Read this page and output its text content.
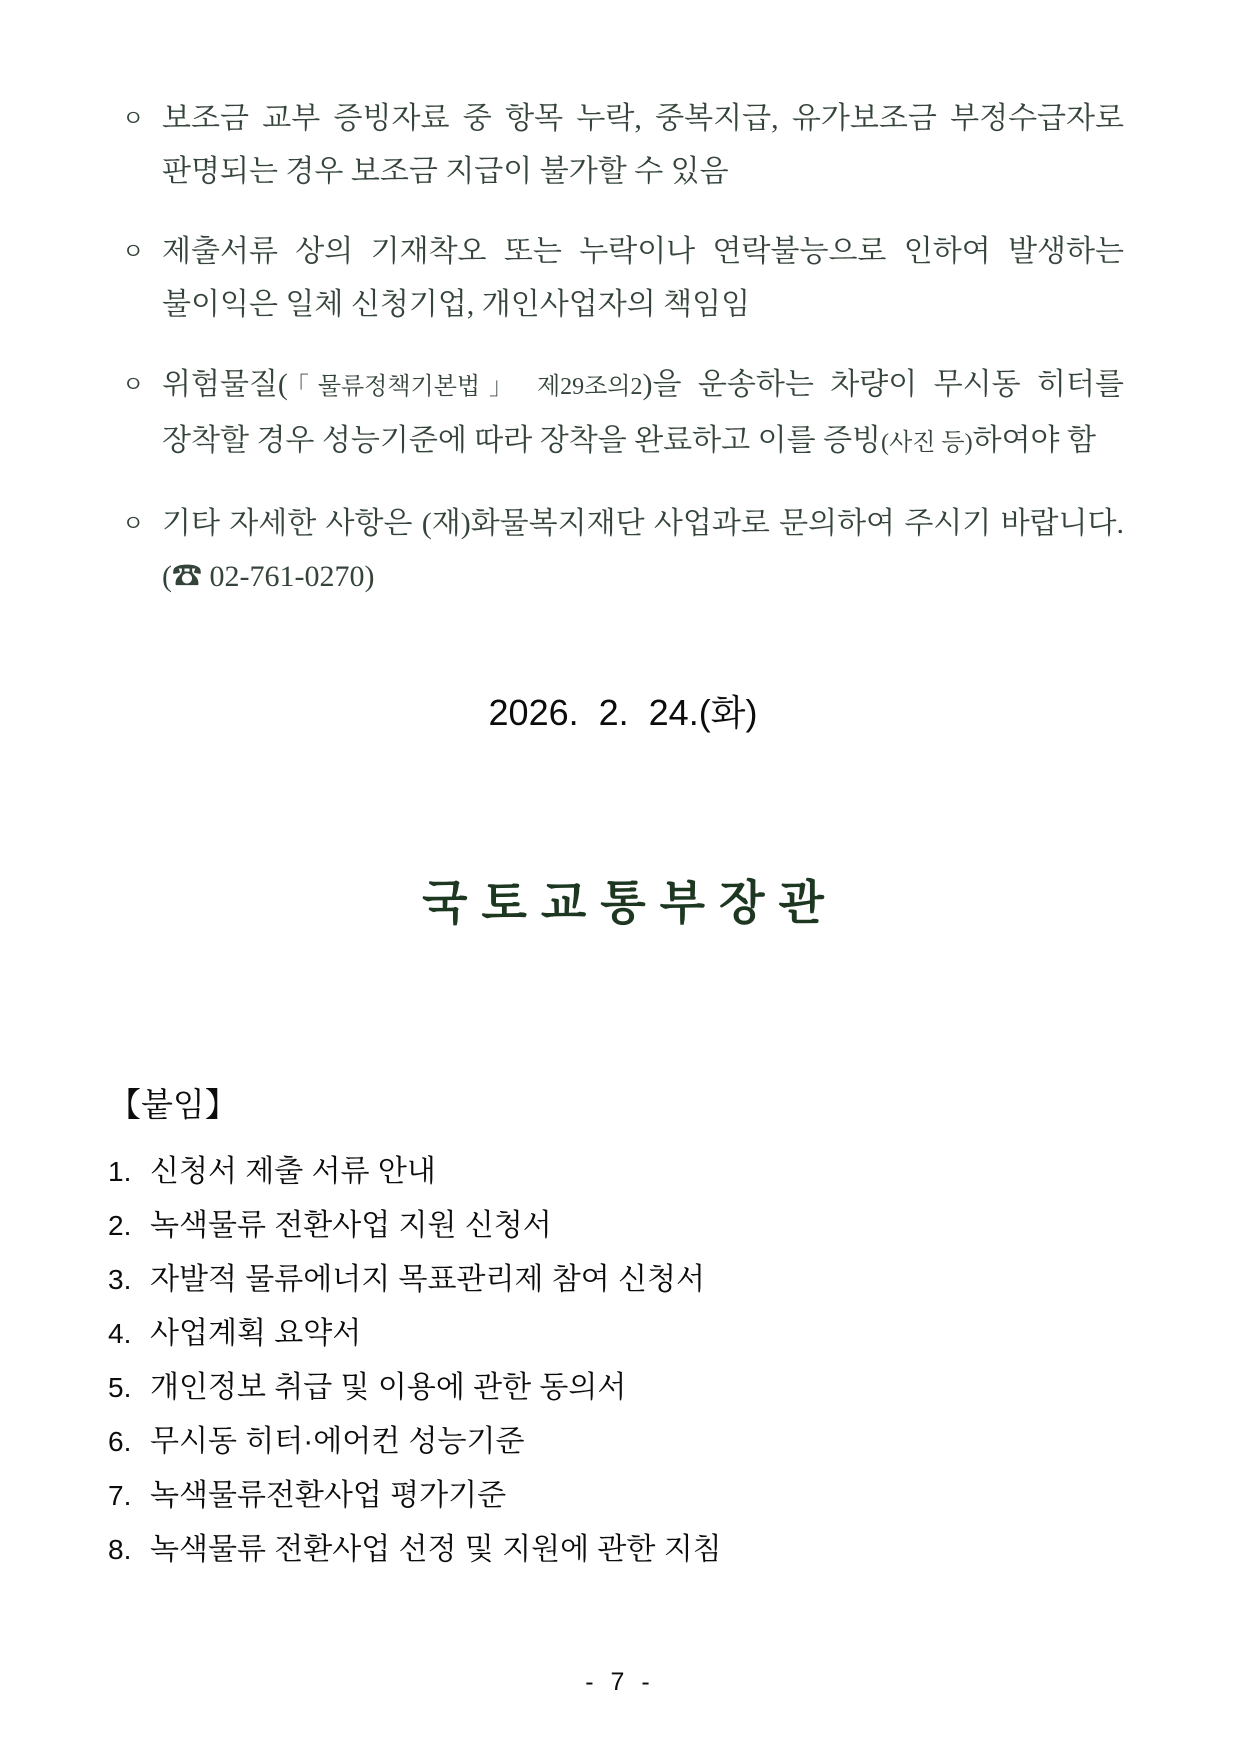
ㅇ 보조금 교부 증빙자료 중 항목 누락, 중복지급, 유가보조금 부정수급자로 판명되는 경우 보조금 지급이 불가할 수 있음

ㅇ 제출서류 상의 기재착오 또는 누락이나 연락불능으로 인하여 발생하는 불이익은 일체 신청기업, 개인사업자의 책임임

ㅇ 위험물질(「물류정책기본법」 제29조의2)을 운송하는 차량이 무시동 히터를 장착할 경우 성능기준에 따라 장착을 완료하고 이를 증빙(사진 등)하여야 함

ㅇ 기타 자세한 사항은 (재)화물복지재단 사업과로 문의하여 주시기 바랍니다.(☎ 02-761-0270)

2026.  2.  24.(화)
국토교통부장관
【붙임】
1. 신청서 제출 서류 안내
2. 녹색물류 전환사업 지원 신청서
3. 자발적 물류에너지 목표관리제 참여 신청서
4. 사업계획 요약서
5. 개인정보 취급 및 이용에 관한 동의서
6. 무시동 히터·에어컨 성능기준
7. 녹색물류전환사업 평가기준
8. 녹색물류 전환사업 선정 및 지원에 관한 지침
- 7 -
